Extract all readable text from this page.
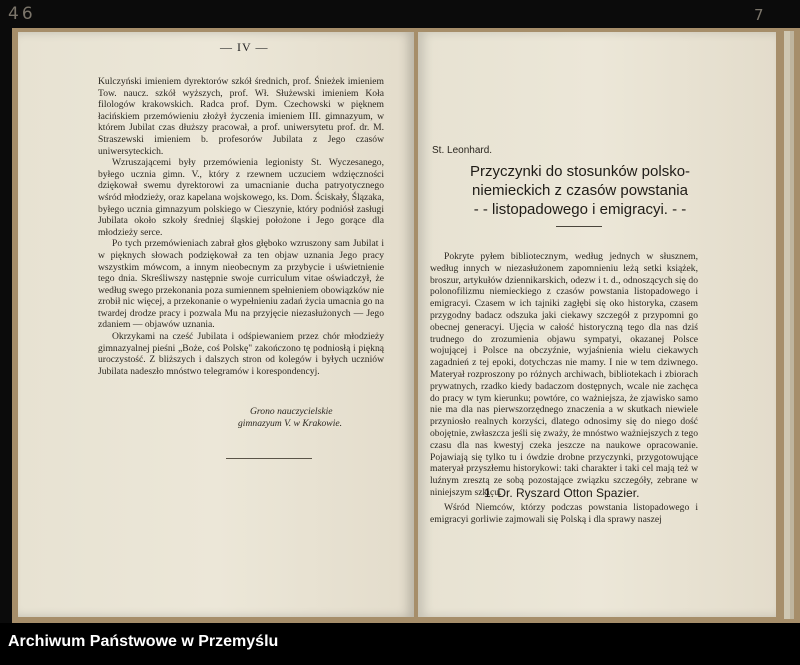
46	7
— IV —

Kulczyński imieniem dyrektorów szkół średnich, prof. Śnieżek imieniem Tow. naucz. szkół wyższych, prof. Wł. Służewski imieniem Koła filologów krakowskich. Radca prof. Dym. Czechowski w pięknem łacińskiem przemówieniu złożył życzenia imieniem III. gimnazyum, w którem Jubilat czas dłuższy pracował, a prof. uniwersytetu prof. dr. M. Straszewski imieniem b. profesorów Jubilata z Jego czasów uniwersyteckich.

Wzruszającemi były przemówienia legionisty St. Wyczesanego, byłego ucznia gimn. V., który z rzewnem uczuciem wdzięczności dziękował swemu dyrektorowi za umacnianie ducha patryotycznego wśród młodzieży, oraz kapelana wojskowego, ks. Dom. Ściskały, Ślązaka, byłego ucznia gimnazyum polskiego w Cieszynie, który podniósł zasługi Jubilata około szkoły średniej śląskiej położone i Jego gorące dla młodzieży serce.

Po tych przemówieniach zabrał głos głęboko wzruszony sam Jubilat i w pięknych słowach podziękował za ten objaw uznania Jego pracy wszystkim mówcom, a innym nieobecnym za przybycie i uświetnienie tego dnia. Skreśliwszy następnie swoje curriculum vitae oświadczył, że według swego przekonania poza sumiennem spełnieniem obowiązków nie zrobił nic więcej, a przekonanie o wypełnieniu zadań życia umacnia go na twardej drodze pracy i pozwala Mu na przyjęcie niezasłużonych — Jego zdaniem — objawów uznania.

Okrzykami na cześć Jubilata i odśpiewaniem przez chór młodzieży gimnazyalnej pieśni „Boże, coś Polskę" zakończono tę podniosłą i piękną uroczystość. Z bliższych i dalszych stron od kolegów i byłych uczniów Jubilata nadeszło mnóstwo telegramów i korespondencyj.

Grono nauczycielskie
gimnazyum V. w Krakowie.
St. Leonhard.
Przyczynki do stosunków polsko-
niemieckich z czasów powstania
- - listopadowego i emigracyi. - -

Pokryte pyłem bibliotecznym, według jednych w słusznem, według innych w niezasłużonem zapomnieniu leżą setki książek, broszur, artykułów dziennikarskich, odezw i t. d., odnoszących się do polonofilizmu niemieckiego z czasów powstania listopadowego i emigracyi. Czasem w ich tajniki zagłębi się oko historyka, czasem przygodny badacz odszuka jaki ciekawy szczegół z przypomni go obecnej generacyi. Ujęcia w całość historyczną tego dla nas dziś trudnego do zrozumienia objawu sympatyi, okazanej Polsce wojującej i Polsce na obczyźnie, wyjaśnienia wielu ciekawych zagadnień z tej epoki, dotychczas nie mamy. I nie w tem dziwnego. Materyał rozproszony po różnych archiwach, bibliotekach i zbiorach prywatnych, rzadko kiedy badaczom dostępnych, wcale nie zachęca do pracy w tym kierunku; powtóre, co ważniejsza, że zjawisko samo nie ma dla nas pierwszorzędnego znaczenia a w skutkach niewiele przyniosło realnych korzyści, dlatego odnosimy się do niego dość obojętnie, zwłaszcza jeśli się zważy, że mnóstwo ważniejszych z tego czasu dla nas kwestyj czeka jeszcze na naukowe opracowanie. Pojawiają się tylko tu i ówdzie drobne przyczynki, przygotowujące materyał przyszłemu historykowi: taki charakter i taki cel mają też w luźnym zresztą ze sobą pozostające związku szczegóły, zebrane w niniejszym szkicu.

1. Dr. Ryszard Otton Spazier.

Wśród Niemców, którzy podczas powstania listopadowego i emigracyi gorliwie zajmowali się Polską i dla sprawy naszej

Archiwum Państwowe w Przemyślu
